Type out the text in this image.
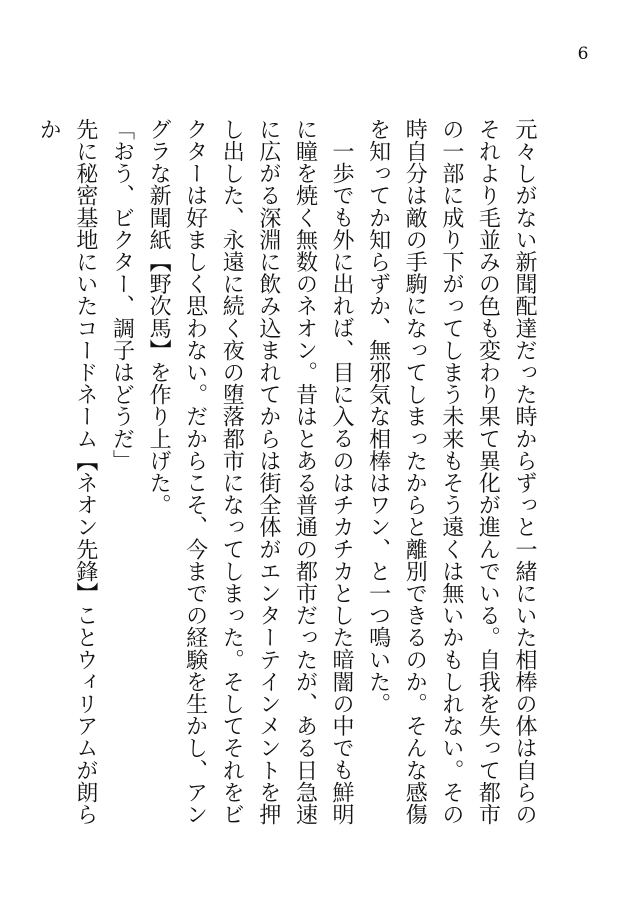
6

元々しがない新聞配達だった時からずっと一緒にいた相棒の体は自らのそれより毛並みの色も変わり果て異化が進んでいる。自我を失って都市の一部に成り下がってしまう未来もそう遠くは無いかもしれない。その時自分は敵の手駒になってしまったからと離別できるのか。そんな感傷を知ってか知らずか、無邪気な相棒はワン、と一つ鳴いた。

一歩でも外に出れば、目に入るのはチカチカとした暗闇の中でも鮮明に瞳を焼く無数のネオン。昔はとある普通の都市だったが、ある日急速に広がる深淵に飲み込まれてからは街全体がエンターテインメントを押し出した、永遠に続く夜の堕落都市になってしまった。そしてそれをビクターは好ましく思わない。だからこそ、今までの経験を生かし、アングラな新聞紙【野次馬】を作り上げた。

「おう、ビクター、調子はどうだ」

先に秘密基地にいたコードネーム【ネオン先鋒】ことウィリアムが朗らか
